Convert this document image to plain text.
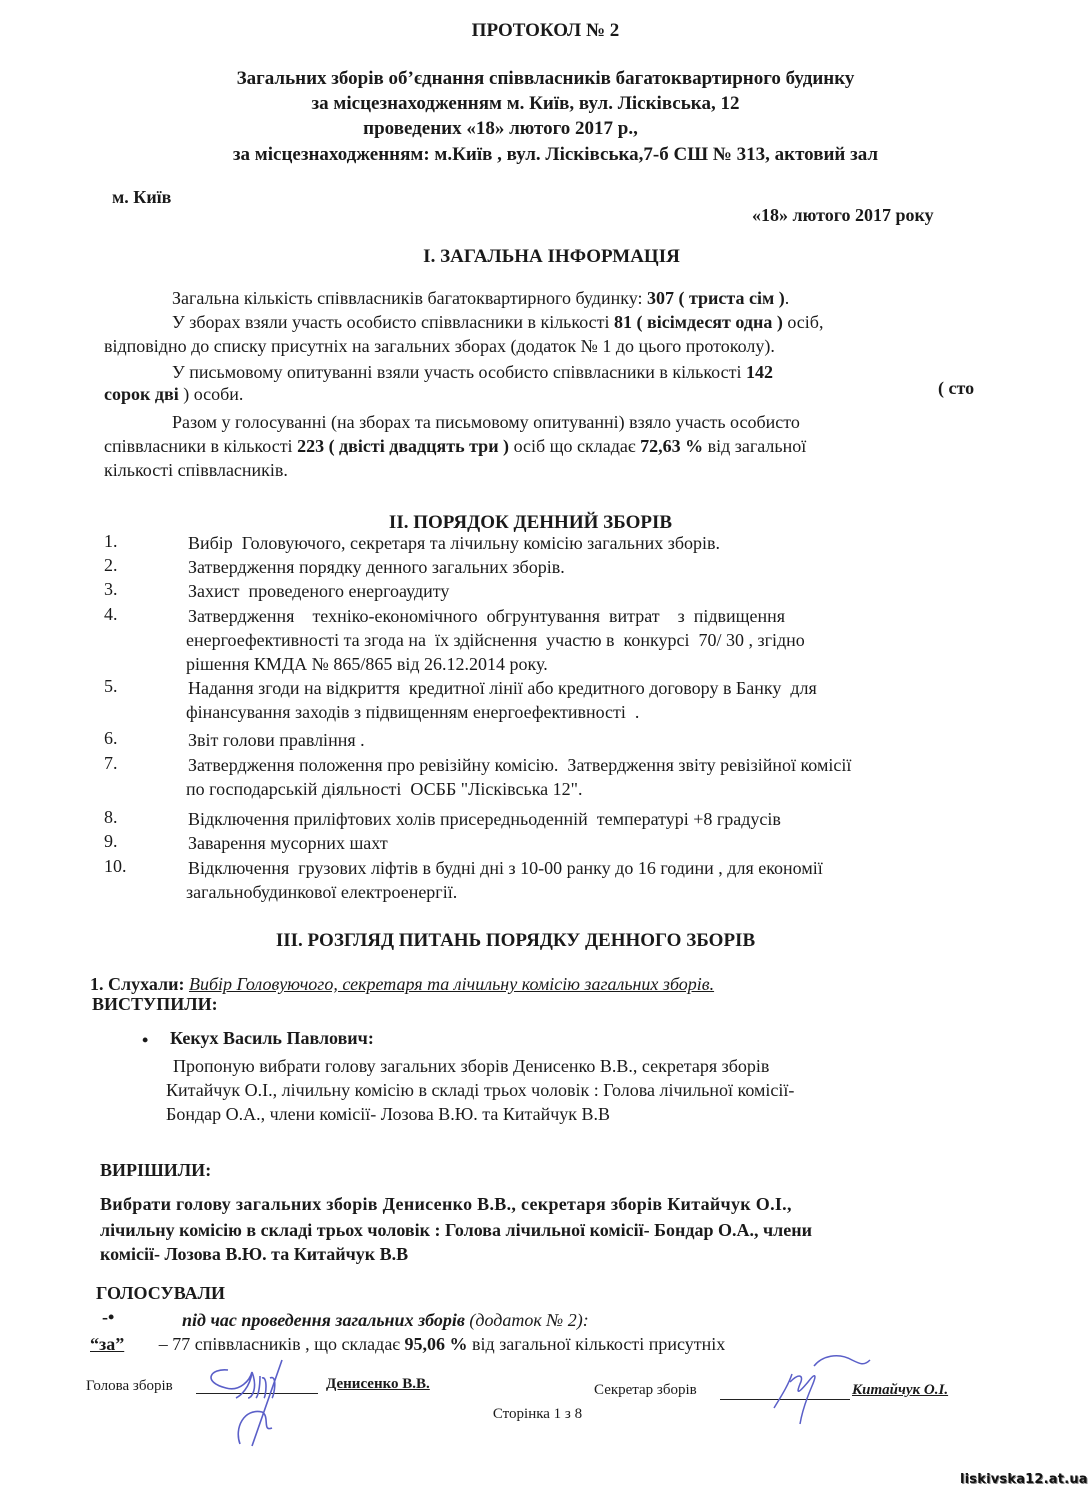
ПРОТОКОЛ № 2
Загальних зборів об’єднання співвласників багатоквартирного будинку
за місцезнаходженням м. Київ, вул. Лісківська, 12
проведених «18» лютого 2017 р.,
за місцезнаходженням: м.Київ , вул. Лісківська,7-б СШ № 313, актовий зал
м. Київ
«18» лютого 2017 року
І. ЗАГАЛЬНА ІНФОРМАЦІЯ
Загальна кількість співвласників багатоквартирного будинку: 307 ( триста сім ).
У зборах взяли участь особисто співвласники в кількості 81 ( вісімдесят одна ) осіб,
відповідно до списку присутніх на загальних зборах (додаток № 1 до цього протоколу).
У письмовому опитуванні взяли участь особисто співвласники в кількості 142
( сто
сорок дві ) особи.
Разом у голосуванні (на зборах та письмовому опитуванні) взяло участь особисто
співвласники в кількості 223 ( двісті двадцять три ) осіб що складає 72,63 % від загальної
кількості співвласників.
ІІ. ПОРЯДОК ДЕННИЙ ЗБОРІВ
1.	Вибір  Головуючого, секретаря та лічильну комісію загальних зборів.
2.	Затвердження порядку денного загальних зборів.
3.	Захист  проведеного енергоаудиту
4.	Затвердження    техніко-економічного  обгрунтування  витрат    з  підвищення
енергоефективності та згода на  їх здійснення  участю в  конкурсі  70/ 30 , згідно
рішення КМДА № 865/865 від 26.12.2014 року.
5.	Надання згоди на відкриття  кредитної лінії або кредитного договору в Банку  для
фінансування заходів з підвищенням енергоефективності  .
6.	Звіт голови правління .
7.	Затвердження положення про ревізійну комісію.  Затвердження звіту ревізійної комісії
по господарській діяльності  ОСББ "Лісківська 12".
8.	Відключення приліфтових холів присередньоденній  температурі +8 градусів
9.	Заварення мусорних шахт
10.	Відключення  грузових ліфтів в будні дні з 10-00 ранку до 16 години , для економії
загальнобудинкової електроенергії.
ІІІ. РОЗГЛЯД ПИТАНЬ ПОРЯДКУ ДЕННОГО ЗБОРІВ
1. Слухали: Вибір Головуючого, секретаря та лічильну комісію загальних зборів.
ВИСТУПИЛИ:
• Кекух Василь Павлович:
Пропоную вибрати голову загальних зборів Денисенко В.В., секретаря зборів
Китайчук О.І., лічильну комісію в складі трьох чоловік : Голова лічильної комісії-
Бондар О.А., члени комісії- Лозова В.Ю. та Китайчук В.В
ВИРІШИЛИ:
Вибрати голову загальних зборів Денисенко В.В., секретаря зборів Китайчук О.І.,
лічильну комісію в складі трьох чоловік : Голова лічильної комісії- Бондар О.А., члени
комісії- Лозова В.Ю. та Китайчук В.В
ГОЛОСУВАЛИ
-•	під час проведення загальних зборів (додаток № 2):
“за” – 77 співвласників , що складає 95,06 % від загальної кількості присутніх
Голова зборів	Денисенко В.В.	Секретар зборів	Китайчук О.І.
Сторінка 1 з 8
liskivska12.at.ua
